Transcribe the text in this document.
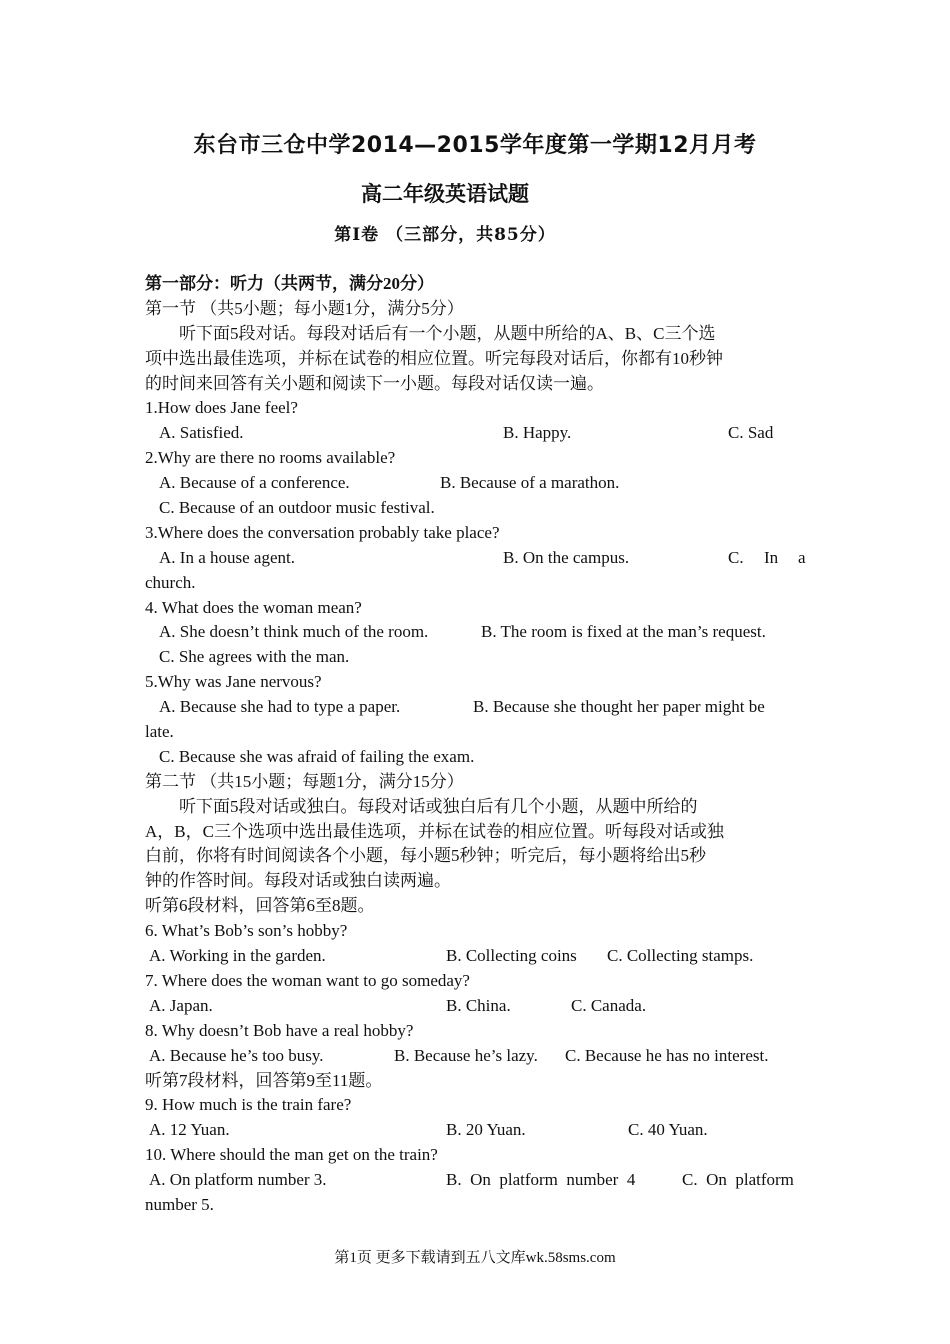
东台市三仓中学2014—2015学年度第一学期12月月考
高二年级英语试题
第Ⅰ卷 （三部分，共85分）
第一部分：听力（共两节，满分20分）
第一节 （共5小题；每小题1分，满分5分）
听下面5段对话。每段对话后有一个小题，从题中所给的A、B、C三个选
项中选出最佳选项，并标在试卷的相应位置。听完每段对话后，你都有10秒钟
的时间来回答有关小题和阅读下一小题。每段对话仅读一遍。
1.How does Jane feel?
A. Satisfied.	B. Happy.	C. Sad
2.Why are there no rooms available?
A. Because of a conference.	B. Because of a marathon.
C. Because of an outdoor music festival.
3.Where does the conversation probably take place?
A. In a house agent.	B. On the campus.	C. In a
church.
4. What does the woman mean?
A. She doesn’t think much of the room.	B. The room is fixed at the man’s request.
C. She agrees with the man.
5.Why was Jane nervous?
A. Because she had to type a paper.	B. Because she thought her paper might be
late.
C. Because she was afraid of failing the exam.
第二节 （共15小题；每题1分，满分15分）
听下面5段对话或独白。每段对话或独白后有几个小题，从题中所给的
A，B，C三个选项中选出最佳选项，并标在试卷的相应位置。听每段对话或独
白前，你将有时间阅读各个小题，每小题5秒钟；听完后，每小题将给出5秒
钟的作答时间。每段对话或独白读两遍。
听第6段材料，回答第6至8题。
6. What’s Bob’s son’s hobby?
A. Working in the garden.	B. Collecting coins C. Collecting stamps.
7. Where does the woman want to go someday?
A. Japan.	B. China.	C. Canada.
8. Why doesn’t Bob have a real hobby?
A. Because he’s too busy.	B. Because he’s lazy. C. Because he has no interest.
听第7段材料，回答第9至11题。
9. How much is the train fare?
A. 12 Yuan.	B. 20 Yuan.	C. 40 Yuan.
10. Where should the man get on the train?
A. On platform number 3.	B.  On  platform  number  4	C.  On  platform
number 5.
第1页 更多下载请到五八文库wk.58sms.com
